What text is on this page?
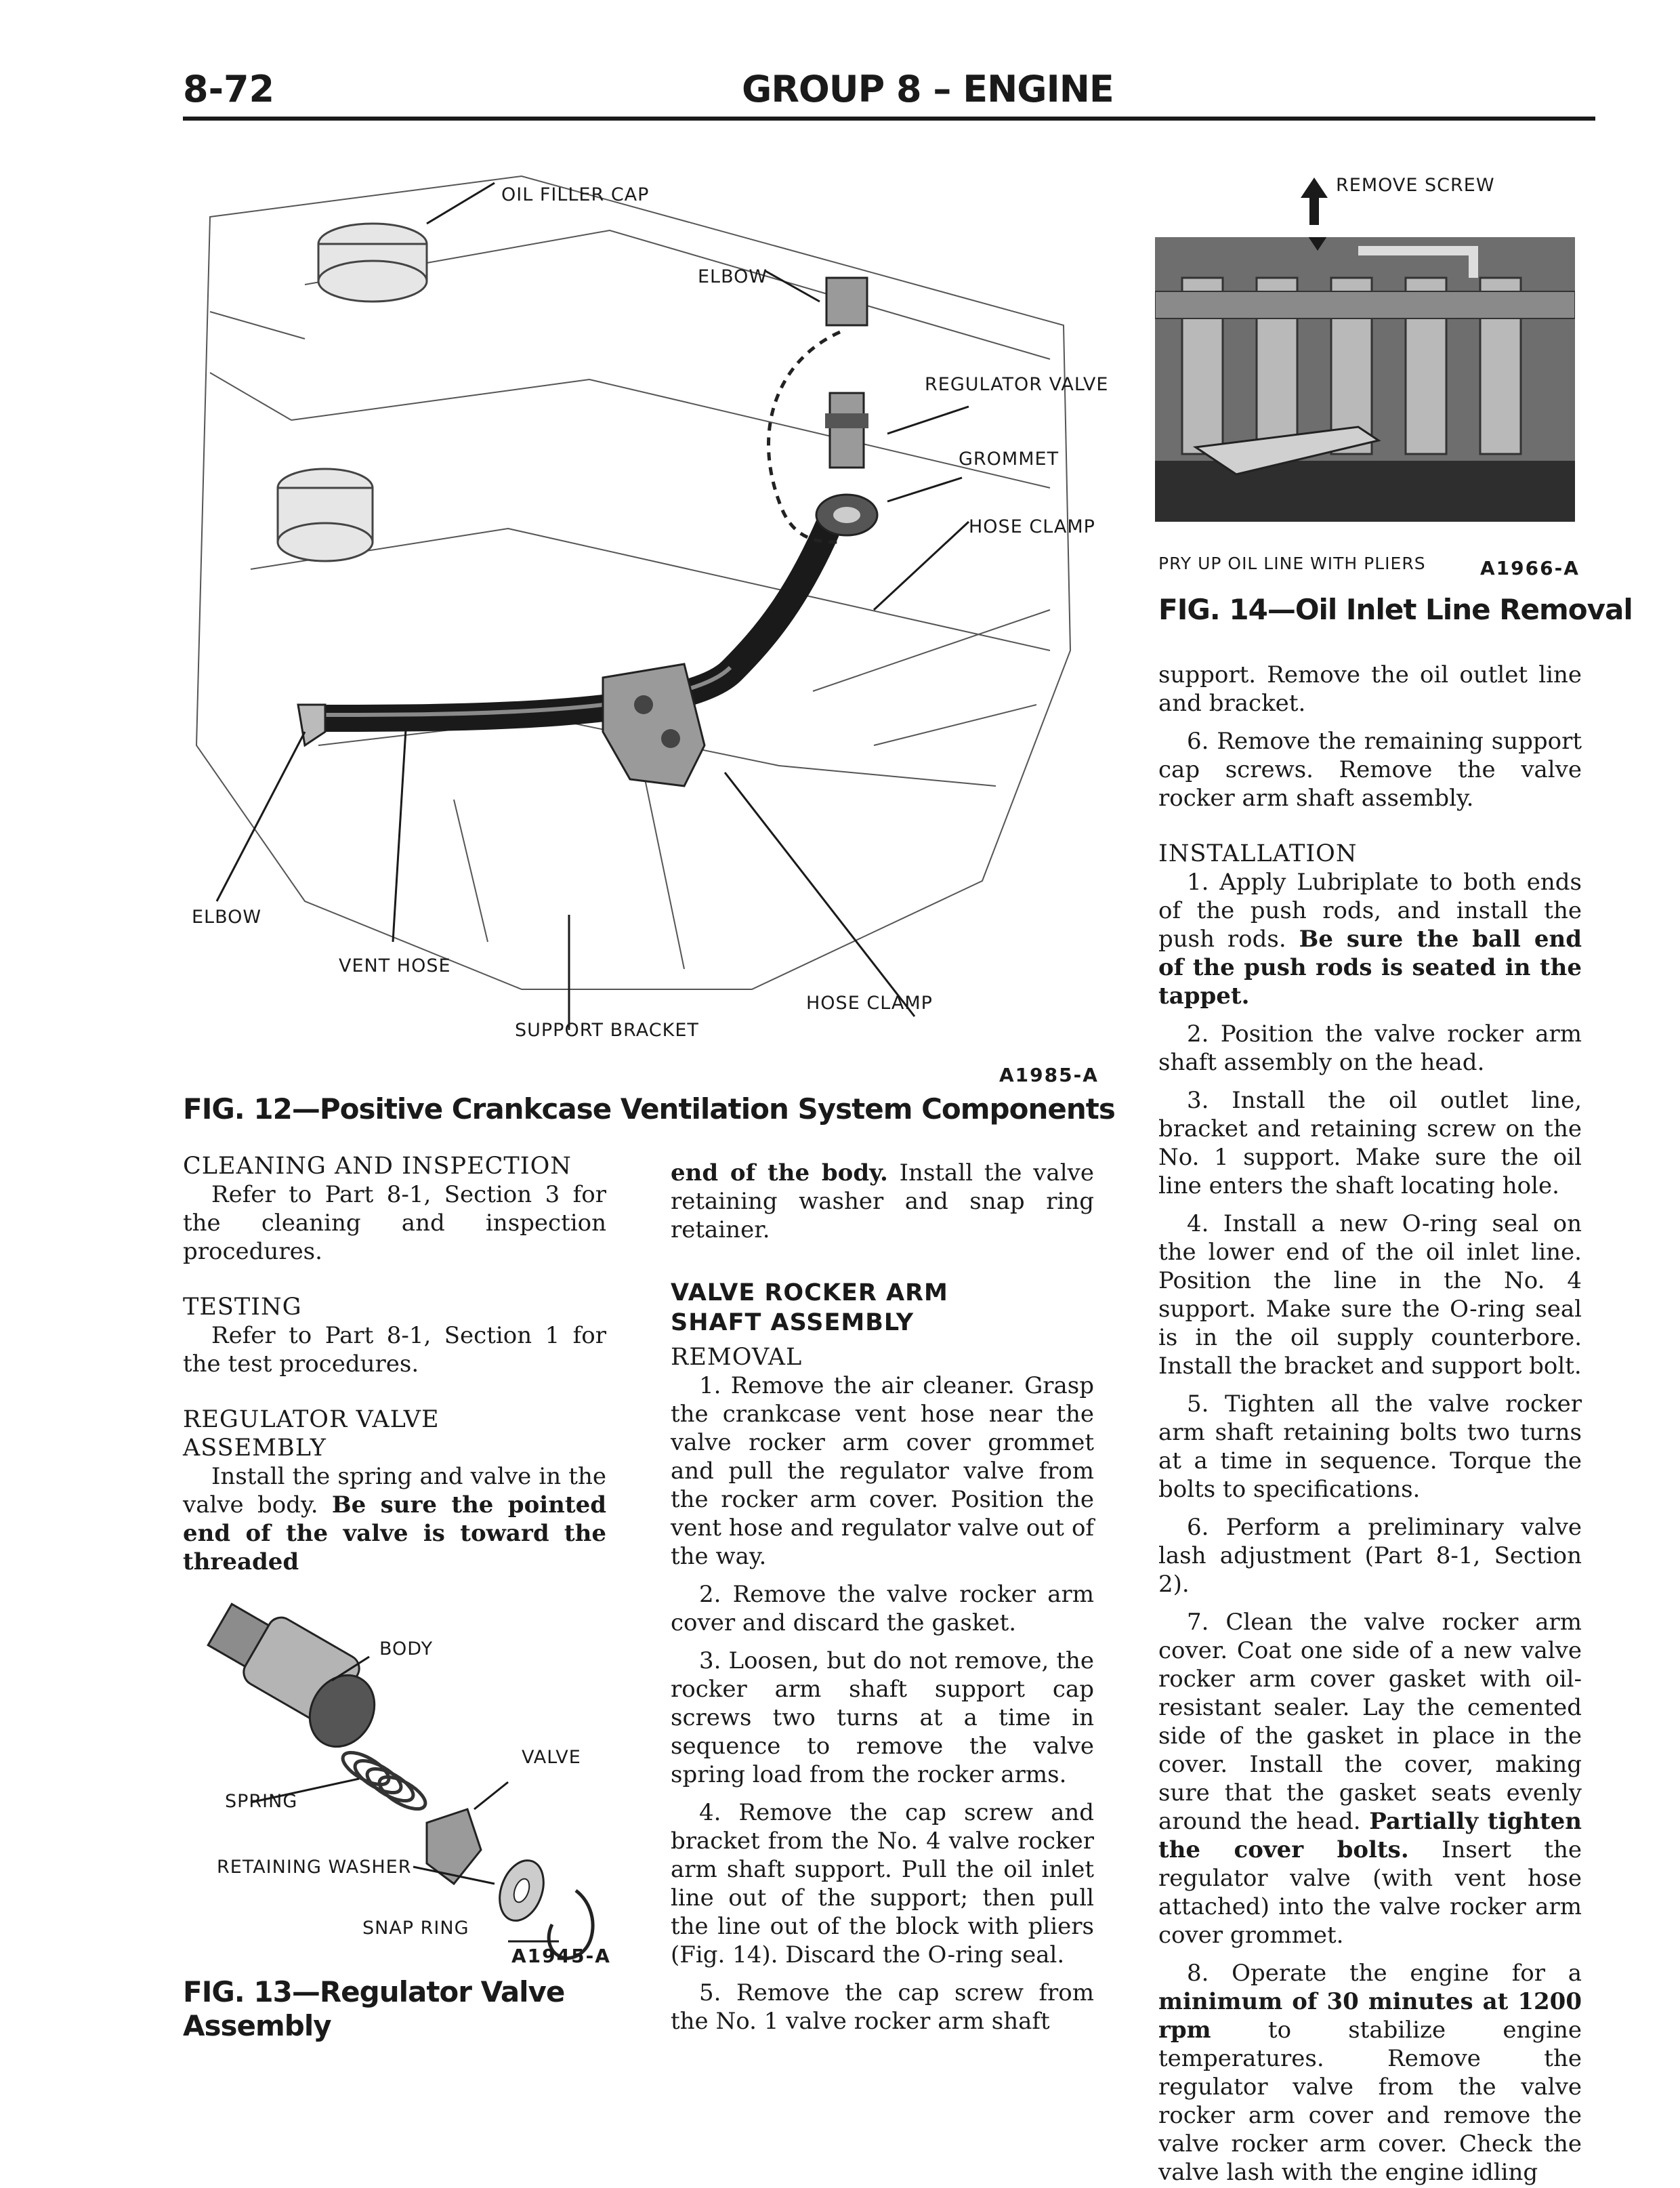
8-72	GROUP 8 – ENGINE
OIL FILLER CAP
ELBOW
REGULATOR VALVE
GROMMET
HOSE CLAMP
ELBOW
VENT HOSE
SUPPORT BRACKET
HOSE CLAMP
A1985-A
FIG. 12—Positive Crankcase Ventilation System Components
REMOVE SCREW
PRY UP OIL LINE WITH PLIERS	A1966-A
FIG. 14—Oil Inlet Line Removal
CLEANING AND INSPECTION

Refer to Part 8-1, Section 3 for the cleaning and inspection procedures.

TESTING

Refer to Part 8-1, Section 1 for the test procedures.

REGULATOR VALVE
ASSEMBLY

Install the spring and valve in the valve body. Be sure the pointed end of the valve is toward the threaded

BODY
VALVE
SPRING
RETAINING WASHER
SNAP RING
A1945-A
FIG. 13—Regulator Valve
Assembly

end of the body. Install the valve retaining washer and snap ring retainer.

VALVE ROCKER ARM
SHAFT ASSEMBLY
REMOVAL

1. Remove the air cleaner. Grasp the crankcase vent hose near the valve rocker arm cover grommet and pull the regulator valve from the rocker arm cover. Position the vent hose and regulator valve out of the way.

2. Remove the valve rocker arm cover and discard the gasket.

3. Loosen, but do not remove, the rocker arm shaft support cap screws two turns at a time in sequence to remove the valve spring load from the rocker arms.

4. Remove the cap screw and bracket from the No. 4 valve rocker arm shaft support. Pull the oil inlet line out of the support; then pull the line out of the block with pliers (Fig. 14). Discard the O-ring seal.

5. Remove the cap screw from the No. 1 valve rocker arm shaft

support. Remove the oil outlet line and bracket.

6. Remove the remaining support cap screws. Remove the valve rocker arm shaft assembly.

INSTALLATION

1. Apply Lubriplate to both ends of the push rods, and install the push rods. Be sure the ball end of the push rods is seated in the tappet.

2. Position the valve rocker arm shaft assembly on the head.

3. Install the oil outlet line, bracket and retaining screw on the No. 1 support. Make sure the oil line enters the shaft locating hole.

4. Install a new O-ring seal on the lower end of the oil inlet line. Position the line in the No. 4 support. Make sure the O-ring seal is in the oil supply counterbore. Install the bracket and support bolt.

5. Tighten all the valve rocker arm shaft retaining bolts two turns at a time in sequence. Torque the bolts to specifications.

6. Perform a preliminary valve lash adjustment (Part 8-1, Section 2).

7. Clean the valve rocker arm cover. Coat one side of a new valve rocker arm cover gasket with oil-resistant sealer. Lay the cemented side of the gasket in place in the cover. Install the cover, making sure that the gasket seats evenly around the head. Partially tighten the cover bolts. Insert the regulator valve (with vent hose attached) into the valve rocker arm cover grommet.

8. Operate the engine for a minimum of 30 minutes at 1200 rpm to stabilize engine temperatures. Remove the regulator valve from the valve rocker arm cover and remove the valve rocker arm cover. Check the valve lash with the engine idling
